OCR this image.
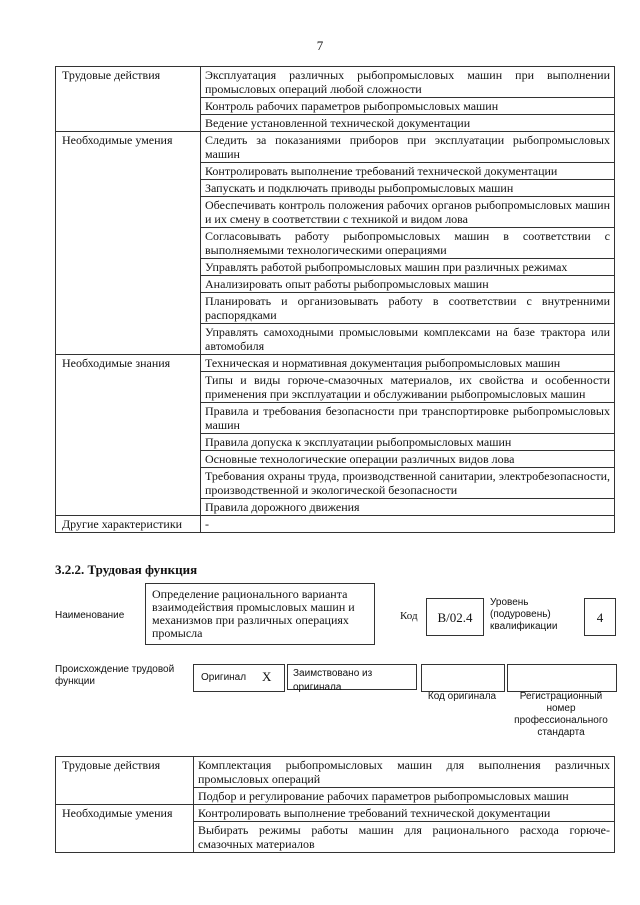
7
Трудовые действия	Эксплуатация различных рыбопромысловых машин при выполнении промысловых операций любой сложности
	Контроль рабочих параметров рыбопромысловых машин
	Ведение установленной технической документации
Необходимые умения	Следить за показаниями приборов при эксплуатации рыбопромысловых машин
	Контролировать выполнение требований технической документации
	Запускать и подключать приводы рыбопромысловых машин
	Обеспечивать контроль положения рабочих органов рыбопромысловых машин и их смену в соответствии с техникой и видом лова
	Согласовывать работу рыбопромысловых машин в соответствии с выполняемыми технологическими операциями
	Управлять работой рыбопромысловых машин при различных режимах
	Анализировать опыт работы рыбопромысловых машин
	Планировать и организовывать работу в соответствии с внутренними распорядками
	Управлять самоходными промысловыми комплексами на базе трактора или автомобиля
Необходимые знания	Техническая и нормативная документация рыбопромысловых машин
	Типы и виды горюче-смазочных материалов, их свойства и особенности применения при эксплуатации и обслуживании рыбопромысловых машин
	Правила и требования безопасности при транспортировке рыбопромысловых машин
	Правила допуска к эксплуатации рыбопромысловых машин
	Основные технологические операции различных видов лова
	Требования охраны труда, производственной санитарии, электробезопасности, производственной и экологической безопасности
	Правила дорожного движения
Другие характеристики	-
3.2.2. Трудовая функция
Наименование
Определение рационального варианта взаимодействия промысловых машин и механизмов при различных операциях промысла
Код	B/02.4
Уровень (подуровень) квалификации
4
Происхождение трудовой функции	Оригинал X	Заимствовано из оригинала
Код оригинала	Регистрационный номер профессионального стандарта
Трудовые действия	Комплектация рыбопромысловых машин для выполнения различных промысловых операций
	Подбор и регулирование рабочих параметров рыбопромысловых машин
Необходимые умения	Контролировать выполнение требований технической документации
	Выбирать режимы работы машин для рационального расхода горюче-смазочных материалов
